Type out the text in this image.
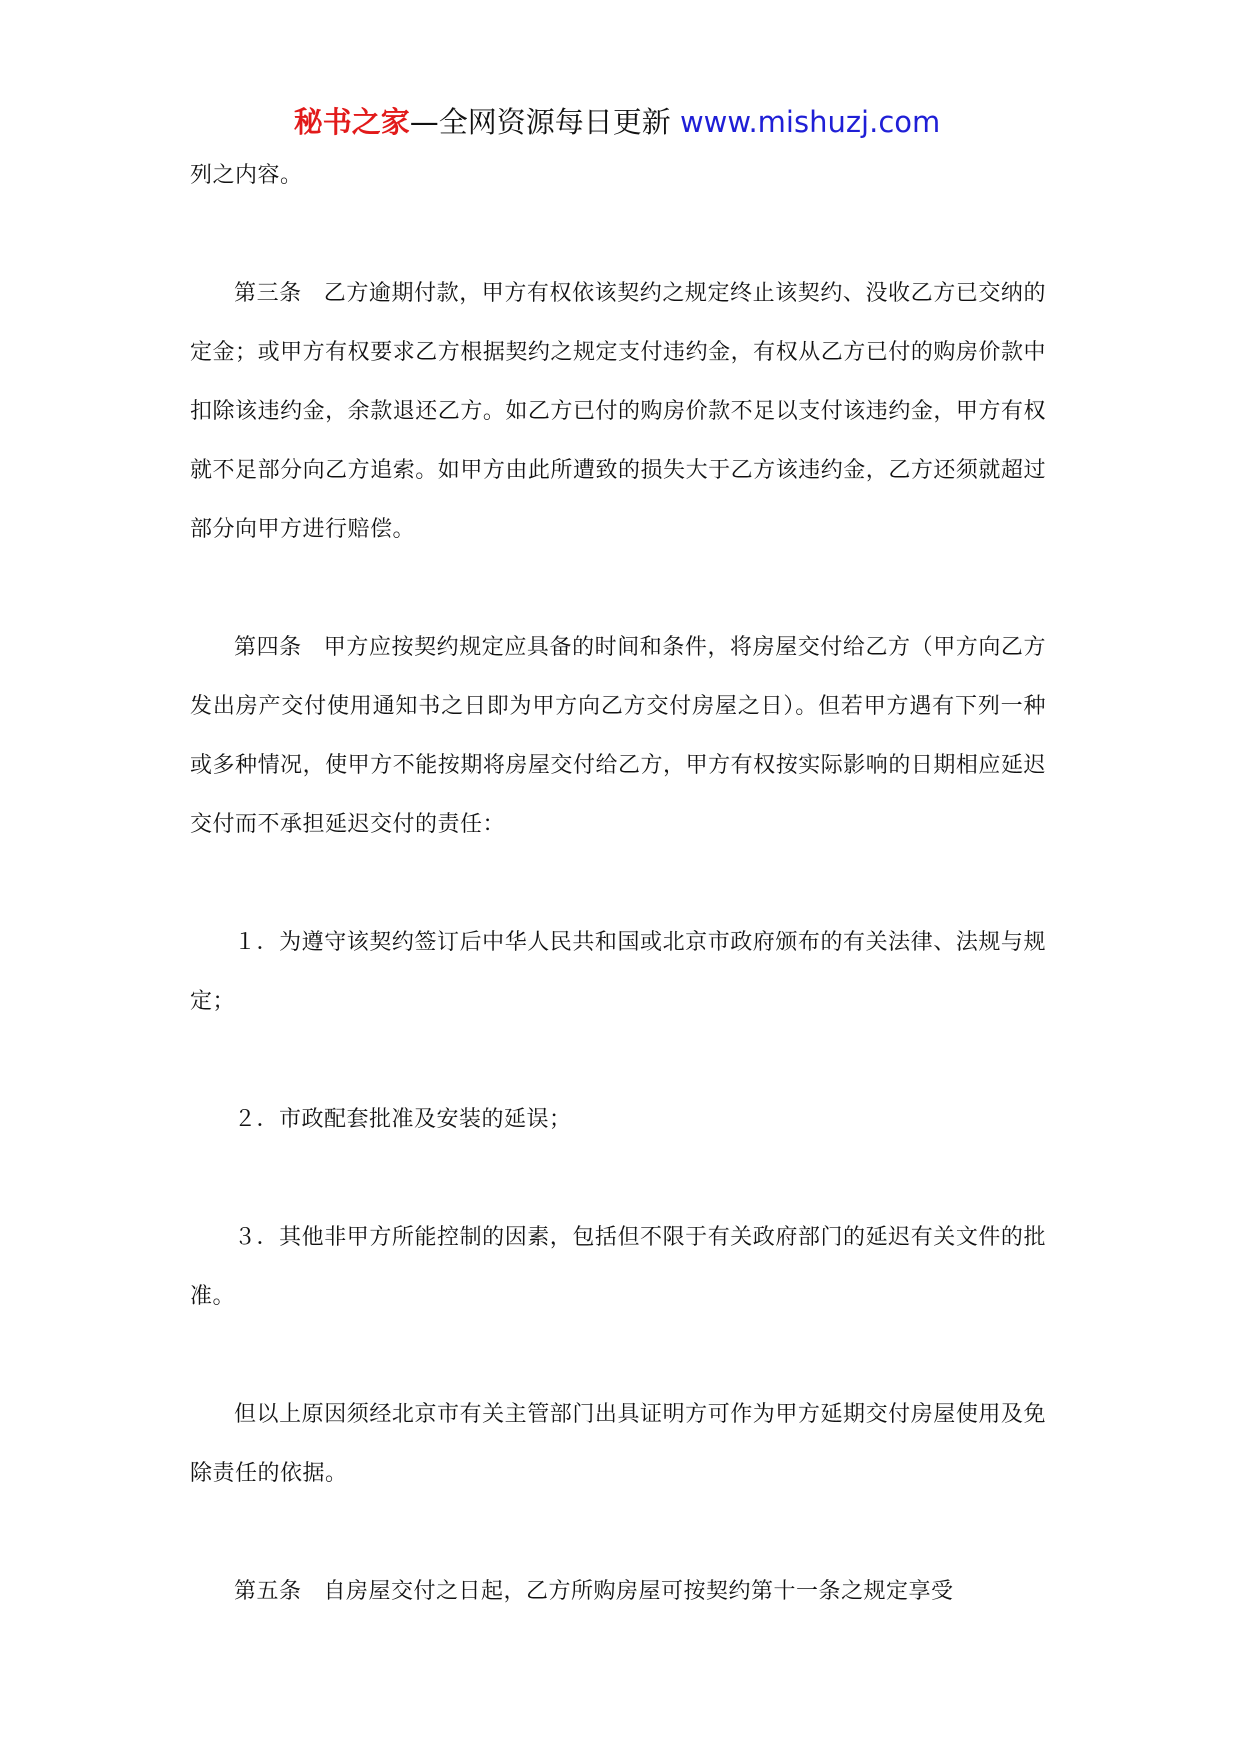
秘书之家—全网资源每日更新 www.mishuzj.com

列之内容。

第三条 乙方逾期付款，甲方有权依该契约之规定终止该契约、没收乙方已交纳的定金；或甲方有权要求乙方根据契约之规定支付违约金，有权从乙方已付的购房价款中扣除该违约金，余款退还乙方。如乙方已付的购房价款不足以支付该违约金，甲方有权就不足部分向乙方追索。如甲方由此所遭致的损失大于乙方该违约金，乙方还须就超过部分向甲方进行赔偿。

第四条 甲方应按契约规定应具备的时间和条件，将房屋交付给乙方（甲方向乙方发出房产交付使用通知书之日即为甲方向乙方交付房屋之日）。但若甲方遇有下列一种或多种情况，使甲方不能按期将房屋交付给乙方，甲方有权按实际影响的日期相应延迟交付而不承担延迟交付的责任：

１．为遵守该契约签订后中华人民共和国或北京市政府颁布的有关法律、法规与规定；

２．市政配套批准及安装的延误；

３．其他非甲方所能控制的因素，包括但不限于有关政府部门的延迟有关文件的批准。

但以上原因须经北京市有关主管部门出具证明方可作为甲方延期交付房屋使用及免除责任的依据。

第五条 自房屋交付之日起，乙方所购房屋可按契约第十一条之规定享受
